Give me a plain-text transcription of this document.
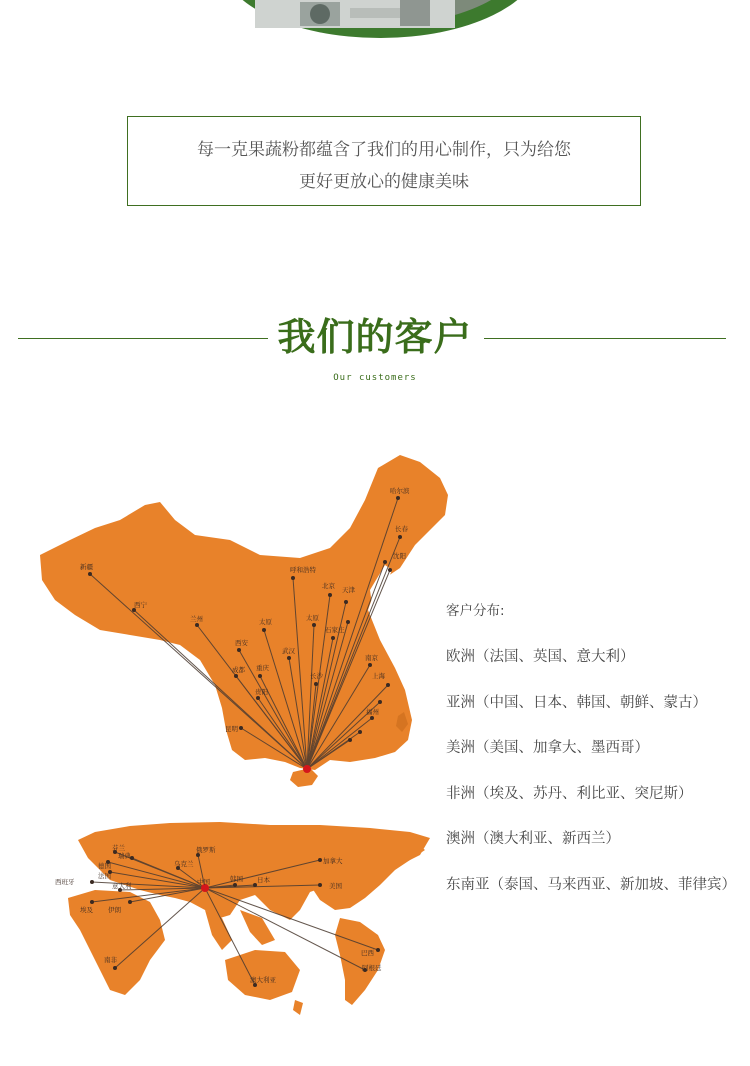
每一克果蔬粉都蕴含了我们的用心制作，只为给您

更好更放心的健康美味

我们的客户
Our customers
哈尔滨
长春
沈阳
新疆	呼和浩特
北京 天津
西宁
兰州	太原	太原
石家庄
西安
武汉
成都 重庆
贵阳
昆明
南京
上海
福州
长沙
俄罗斯
乌克兰
芬兰
瑞典
德国
法国
西班牙	意大利
埃及 伊朗
南非
中国	韩国 日本
加拿大
美国
巴西
阿根廷
澳大利亚
客户分布:
欧洲（法国、英国、意大利）
亚洲（中国、日本、韩国、朝鲜、蒙古）
美洲（美国、加拿大、墨西哥）
非洲（埃及、苏丹、利比亚、突尼斯）
澳洲（澳大利亚、新西兰）
东南亚（泰国、马来西亚、新加坡、菲律宾）
